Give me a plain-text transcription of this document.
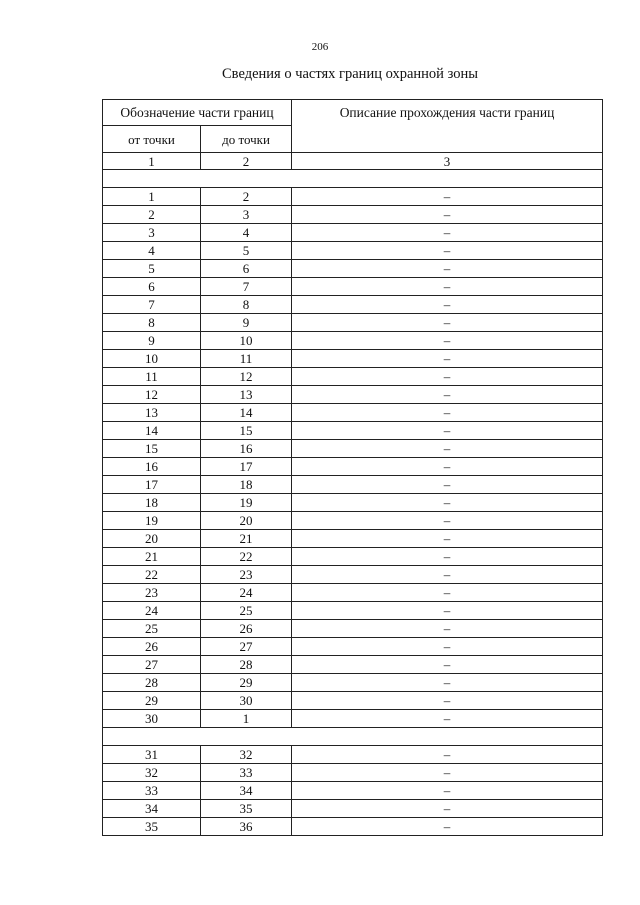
206
Сведения о частях границ охранной зоны
Обозначение части границ		Описание прохождения части границ
от точки	до точки	
1	2	3

1	2	–
2	3	–
3	4	–
4	5	–
5	6	–
6	7	–
7	8	–
8	9	–
9	10	–
10	11	–
11	12	–
12	13	–
13	14	–
14	15	–
15	16	–
16	17	–
17	18	–
18	19	–
19	20	–
20	21	–
21	22	–
22	23	–
23	24	–
24	25	–
25	26	–
26	27	–
27	28	–
28	29	–
29	30	–
30	1	–

31	32	–
32	33	–
33	34	–
34	35	–
35	36	–
